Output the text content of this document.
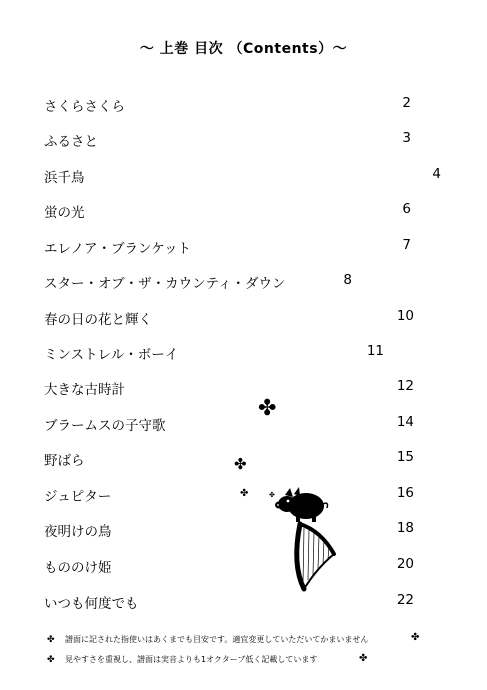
～ 上巻 目次 （Contents）～
さくらさくら	2
ふるさと	3
浜千鳥	4
蛍の光	6
エレノア・ブランケット	7
スター・オブ・ザ・カウンティ・ダウン	8
春の日の花と輝く	10
ミンストレル・ボーイ	11
大きな古時計	12
ブラームスの子守歌	14
野ばら	15
ジュピター	16
夜明けの鳥	18
もののけ姫	20
いつも何度でも	22
✤
✤
✤	✤
✤ 譜面に記された指使いはあくまでも目安です。適宜変更していただいてかまいません
✤ 見やすさを重視し、譜面は実音よりも1オクターブ低く記載しています
✤
✤
